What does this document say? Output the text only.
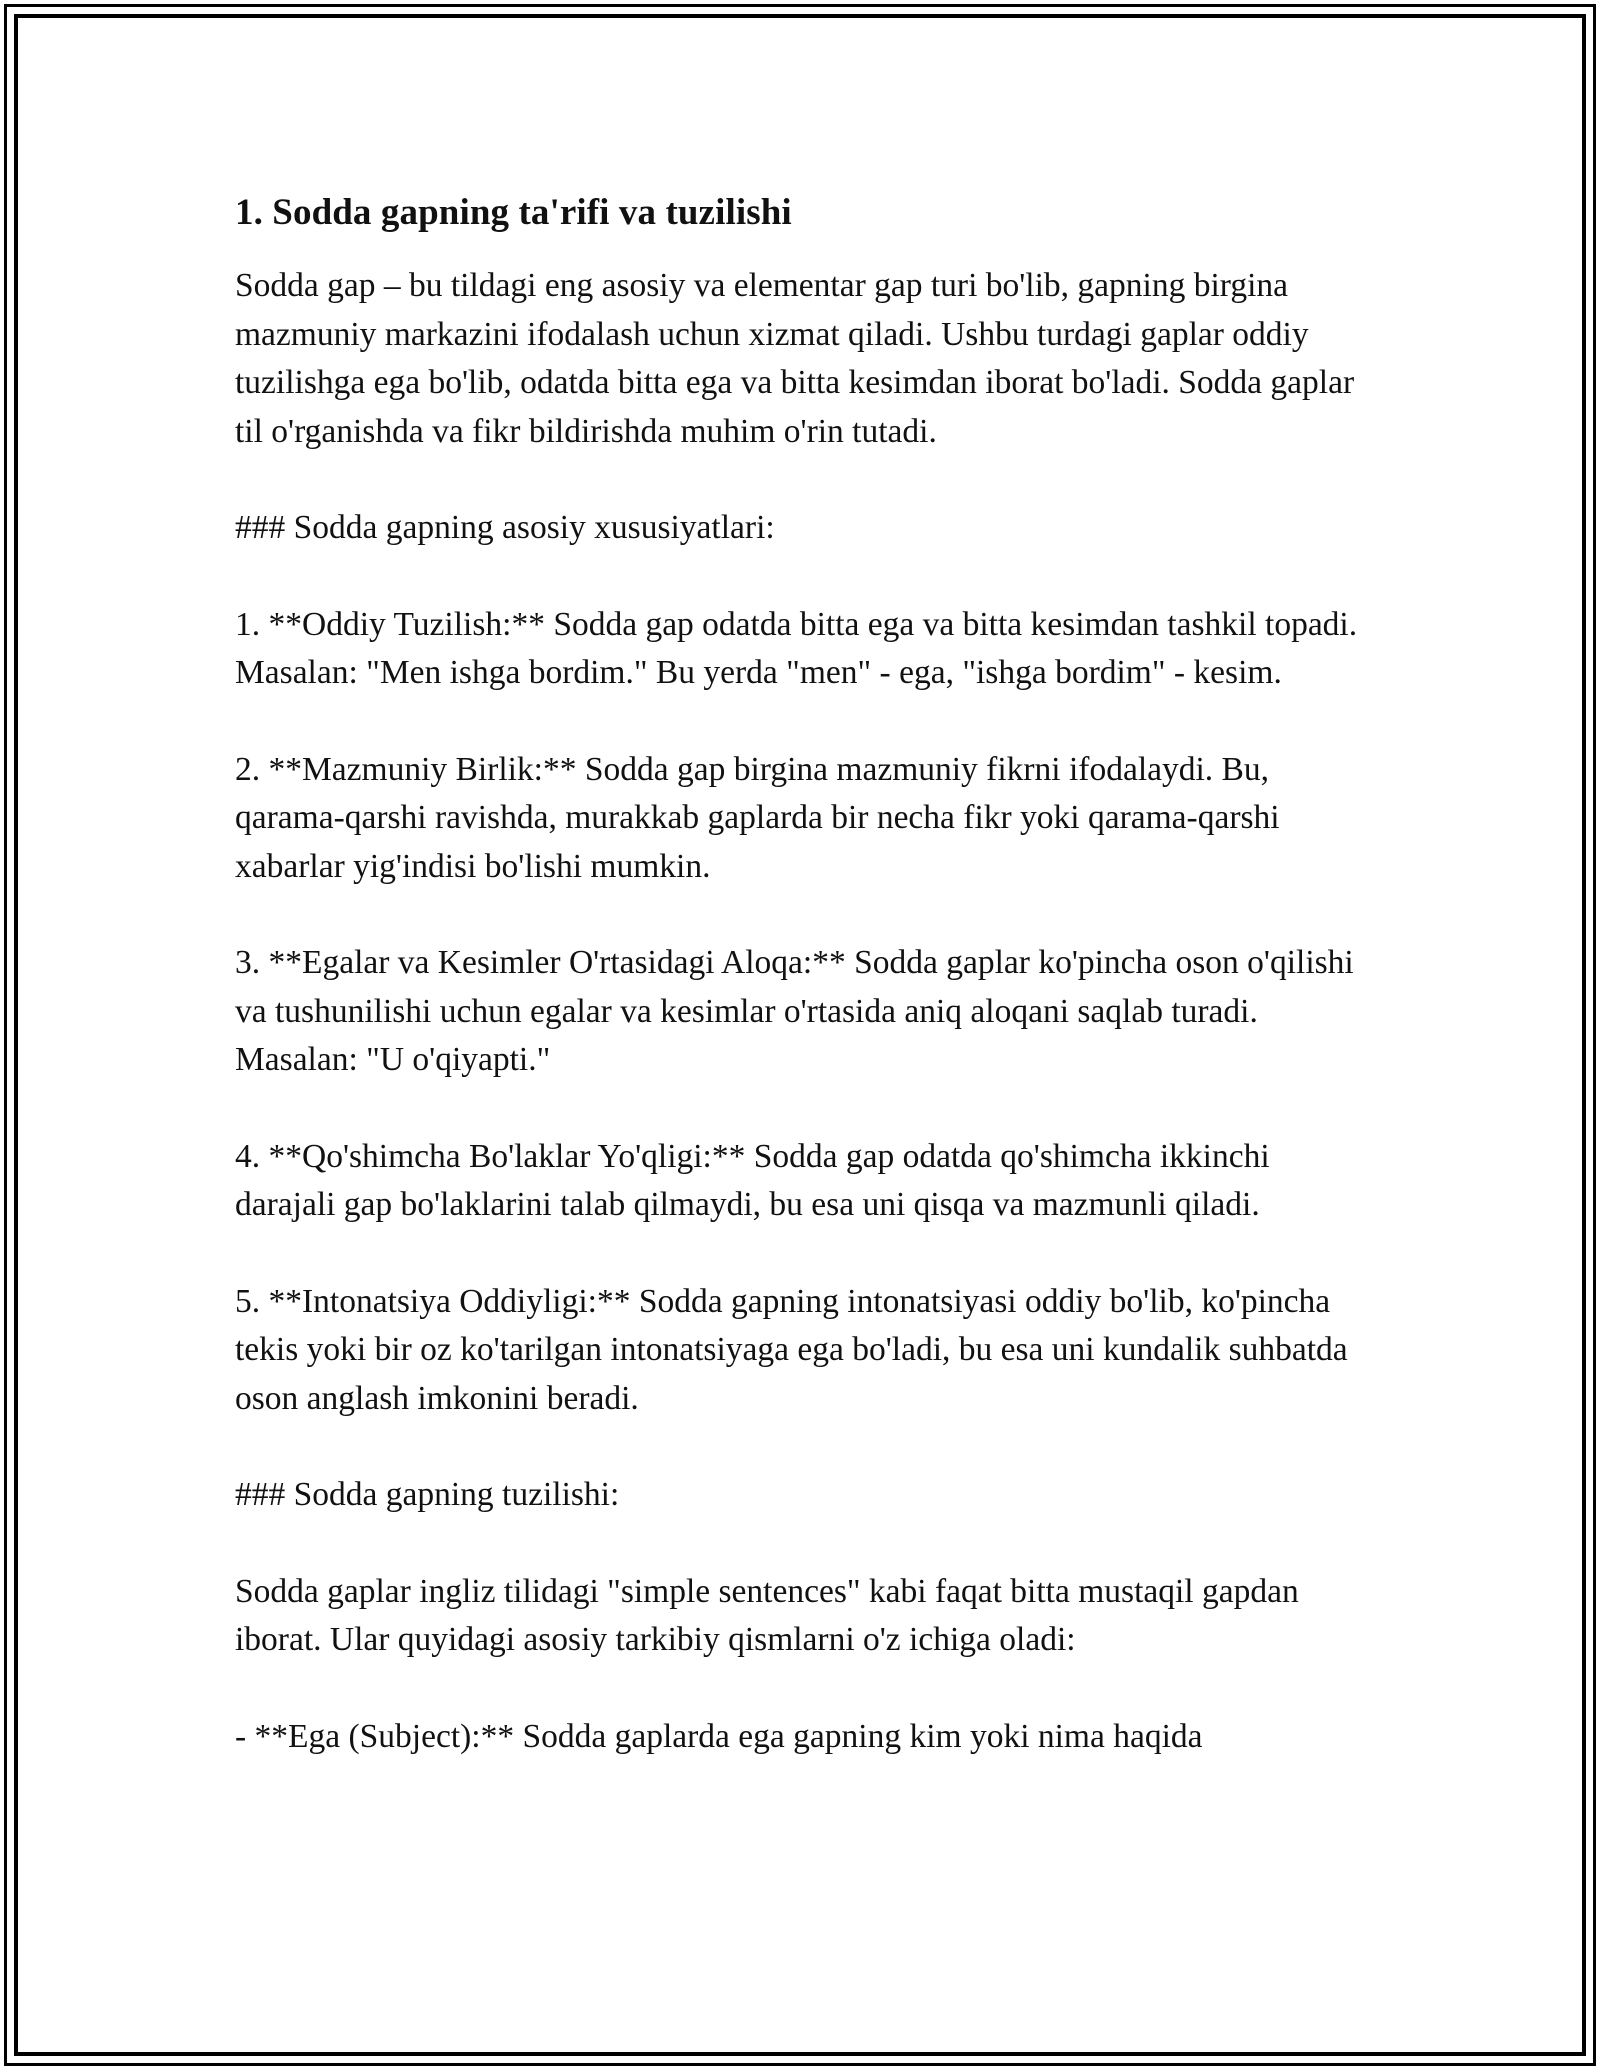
1. Sodda gapning ta'rifi va tuzilishi

Sodda gap – bu tildagi eng asosiy va elementar gap turi bo'lib, gapning birgina mazmuniy markazini ifodalash uchun xizmat qiladi. Ushbu turdagi gaplar oddiy tuzilishga ega bo'lib, odatda bitta ega va bitta kesimdan iborat bo'ladi. Sodda gaplar til o'rganishda va fikr bildirishda muhim o'rin tutadi.

### Sodda gapning asosiy xususiyatlari:

1. **Oddiy Tuzilish:** Sodda gap odatda bitta ega va bitta kesimdan tashkil topadi. Masalan: "Men ishga bordim." Bu yerda "men" - ega, "ishga bordim" - kesim.

2. **Mazmuniy Birlik:** Sodda gap birgina mazmuniy fikrni ifodalaydi. Bu, qarama-qarshi ravishda, murakkab gaplarda bir necha fikr yoki qarama-qarshi xabarlar yig'indisi bo'lishi mumkin.

3. **Egalar va Kesimler O'rtasidagi Aloqa:** Sodda gaplar ko'pincha oson o'qilishi va tushunilishi uchun egalar va kesimlar o'rtasida aniq aloqani saqlab turadi. Masalan: "U o'qiyapti."

4. **Qo'shimcha Bo'laklar Yo'qligi:** Sodda gap odatda qo'shimcha ikkinchi darajali gap bo'laklarini talab qilmaydi, bu esa uni qisqa va mazmunli qiladi.

5. **Intonatsiya Oddiyligi:** Sodda gapning intonatsiyasi oddiy bo'lib, ko'pincha tekis yoki bir oz ko'tarilgan intonatsiyaga ega bo'ladi, bu esa uni kundalik suhbatda oson anglash imkonini beradi.

### Sodda gapning tuzilishi:

Sodda gaplar ingliz tilidagi "simple sentences" kabi faqat bitta mustaqil gapdan iborat. Ular quyidagi asosiy tarkibiy qismlarni o'z ichiga oladi:

- **Ega (Subject):** Sodda gaplarda ega gapning kim yoki nima haqida
